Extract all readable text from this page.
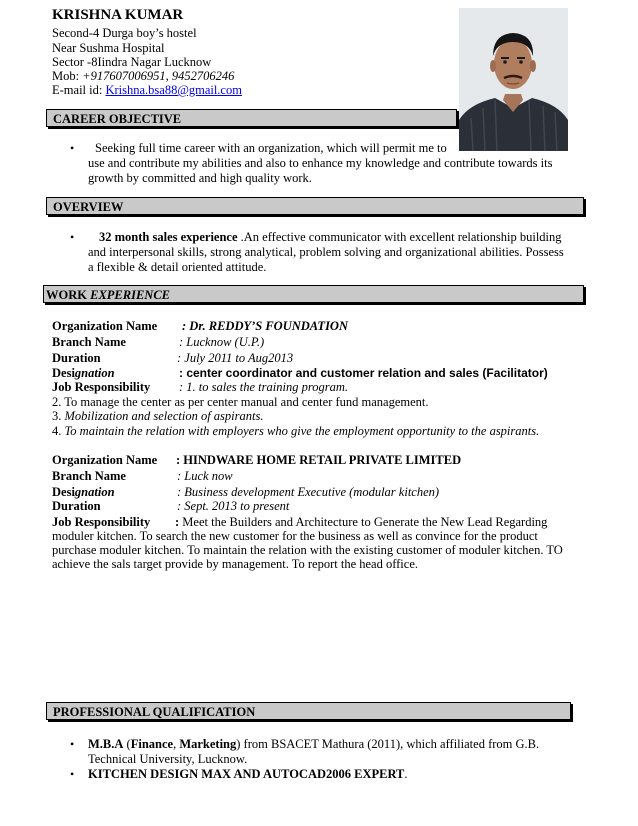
KRISHNA KUMAR
Second-4 Durga boy’s hostel
Near Sushma Hospital
Sector -8Iindra Nagar Lucknow
Mob: +917607006951, 9452706246
E-mail id: Krishna.bsa88@gmail.com
CAREER OBJECTIVE
• Seeking full time career with an organization, which will permit me to
use and contribute my abilities and also to enhance my knowledge and contribute towards its
growth by committed and high quality work.
OVERVIEW
• 32 month sales experience .An effective communicator with excellent relationship building
and interpersonal skills, strong analytical, problem solving and organizational abilities. Possess
a flexible & detail oriented attitude.
WORK EXPERIENCE
Organization Name : Dr. REDDY’S FOUNDATION
Branch Name	: Lucknow (U.P.)
Duration	: July 2011 to Aug2013
Designation	: center coordinator and customer relation and sales (Facilitator)
Job Responsibility : 1. to sales the training program.
2. To manage the center as per center manual and center fund management.
3. Mobilization and selection of aspirants.
4. To maintain the relation with employers who give the employment opportunity to the aspirants.
Organization Name : HINDWARE HOME RETAIL PRIVATE LIMITED
Branch Name	: Luck now
Designation	: Business development Executive (modular kitchen)
Duration	: Sept. 2013 to present
Job Responsibility : Meet the Builders and Architecture to Generate the New Lead Regarding
moduler kitchen. To search the new customer for the business as well as convince for the product
purchase moduler kitchen. To maintain the relation with the existing customer of moduler kitchen. TO
achieve the sals target provide by management. To report the head office.
PROFESSIONAL QUALIFICATION
• M.B.A (Finance, Marketing) from BSACET Mathura (2011), which affiliated from G.B.
Technical University, Lucknow.
• KITCHEN DESIGN MAX AND AUTOCAD2006 EXPERT.
